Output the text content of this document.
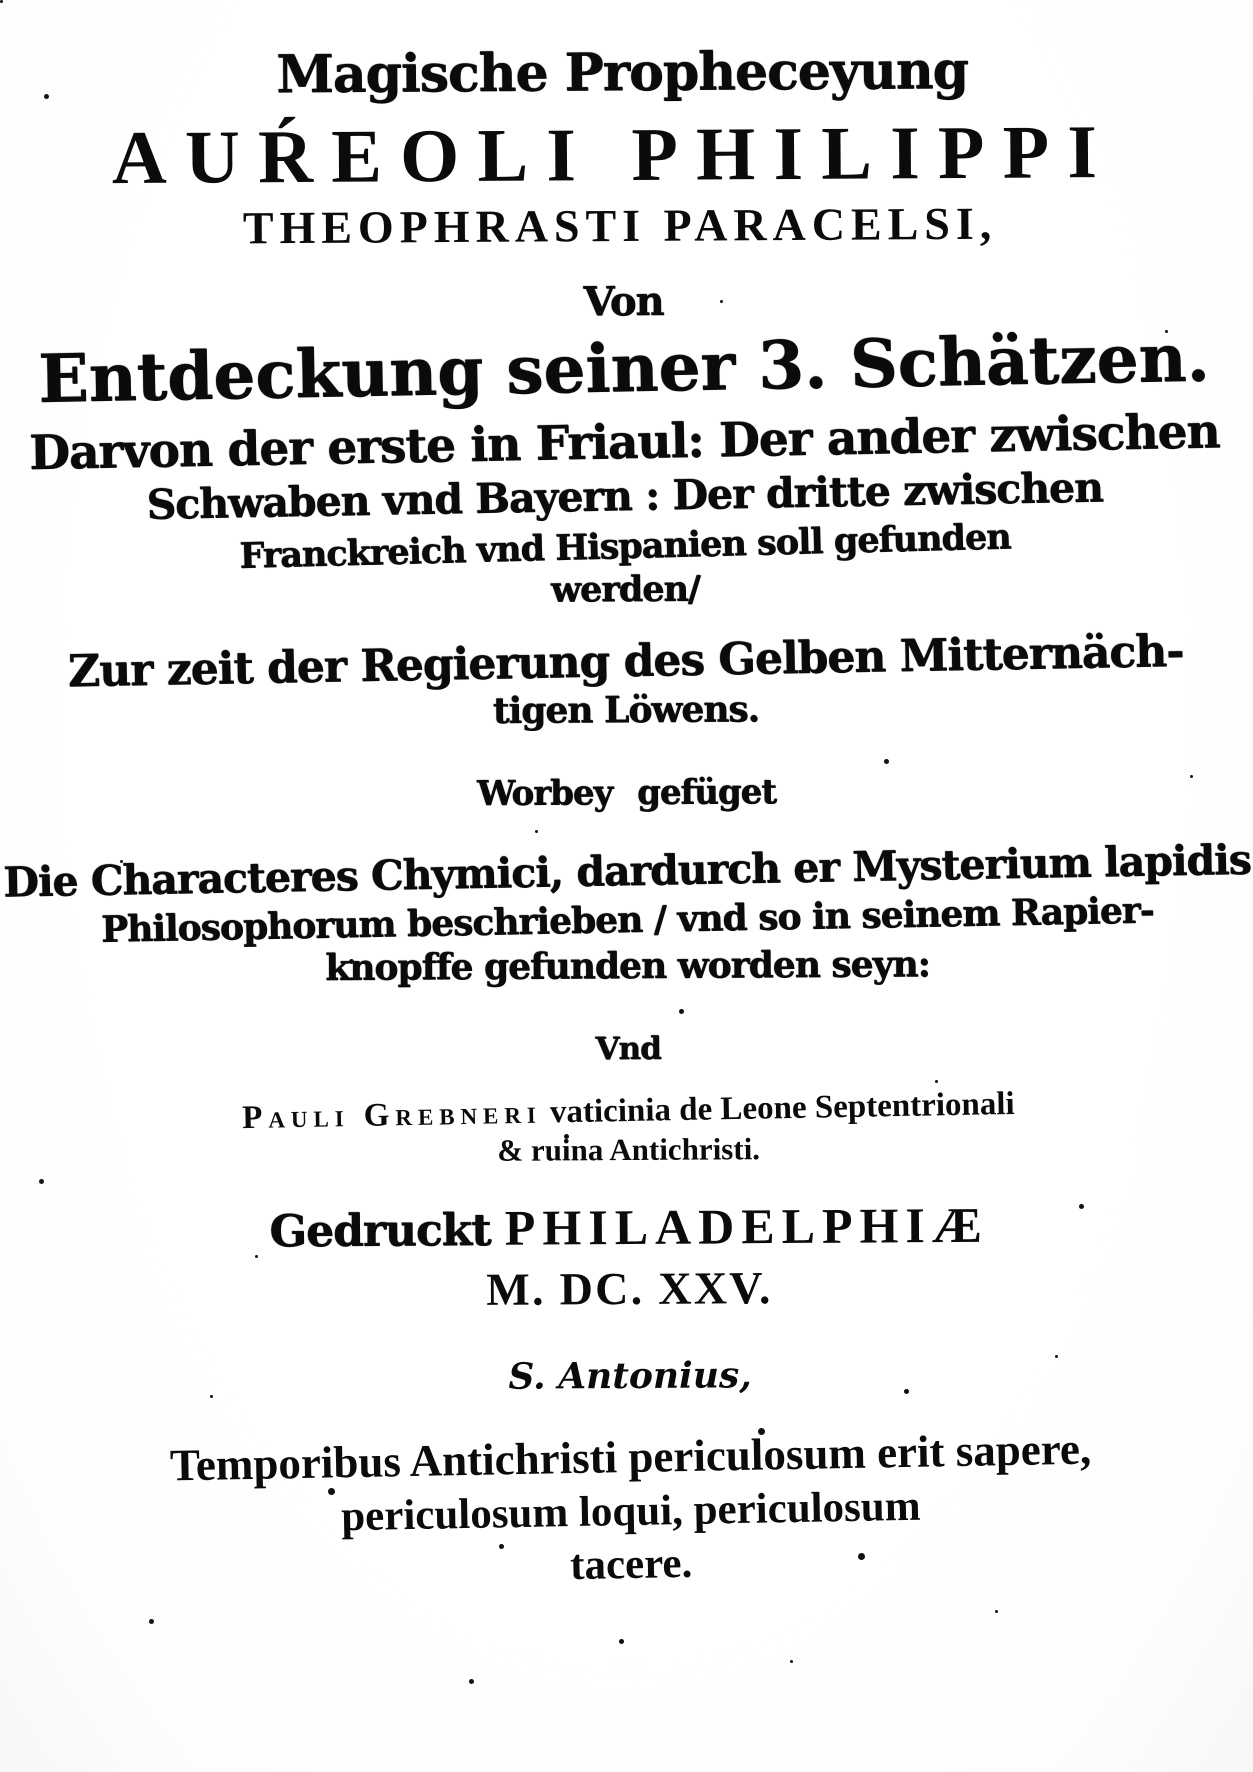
Magische Propheceyung
AUŔEOLI PHILIPPI
THEOPHRASTI PARACELSI,
Von
Entdeckung seiner 3. Schätzen.
Darvon der erste in Friaul: Der ander zwischen
Schwaben vnd Bayern : Der dritte zwischen
Franckreich vnd Hispanien soll gefunden
werden/
Zur zeit der Regierung des Gelben Mitternäch-
tigen Löwens.
Worbey gefüget
Die Characteres Chymici, dardurch er Mysterium lapidis
Philosophorum beschrieben / vnd so in seinem Rapier-
knopffe gefunden worden seyn:
Vnd
Pauli Grebneri vaticinia de Leone Septentrionali
& ruina Antichristi.
Gedruckt PHILADELPHIÆ
M. DC. XXV.
S. Antonius,
Temporibus Antichristi periculosum erit sapere,
periculosum loqui, periculosum
tacere.
